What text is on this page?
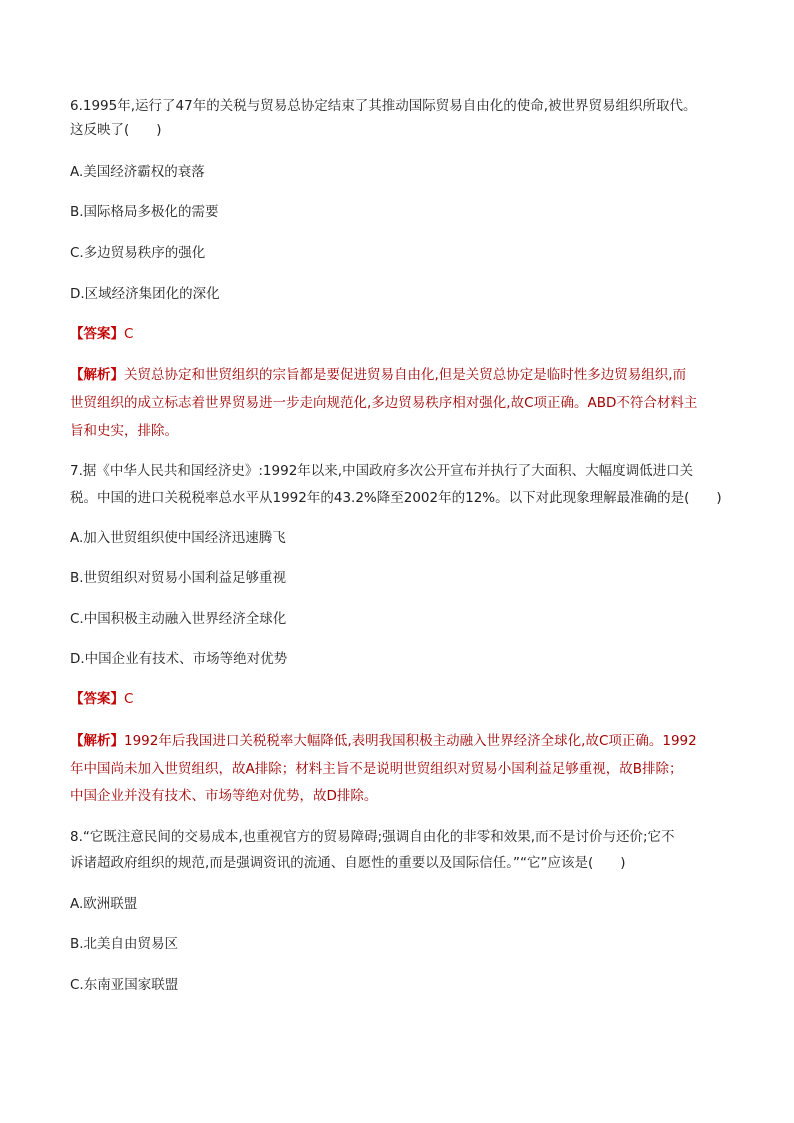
6.1995年,运行了47年的关税与贸易总协定结束了其推动国际贸易自由化的使命,被世界贸易组织所取代。
这反映了(　　)
A.美国经济霸权的衰落
B.国际格局多极化的需要
C.多边贸易秩序的强化
D.区域经济集团化的深化
【答案】C
【解析】关贸总协定和世贸组织的宗旨都是要促进贸易自由化,但是关贸总协定是临时性多边贸易组织,而
世贸组织的成立标志着世界贸易进一步走向规范化,多边贸易秩序相对强化,故C项正确。ABD不符合材料主
旨和史实，排除。
7.据《中华人民共和国经济史》:1992年以来,中国政府多次公开宣布并执行了大面积、大幅度调低进口关
税。中国的进口关税税率总水平从1992年的43.2%降至2002年的12%。以下对此现象理解最准确的是(　　)
A.加入世贸组织使中国经济迅速腾飞
B.世贸组织对贸易小国利益足够重视
C.中国积极主动融入世界经济全球化
D.中国企业有技术、市场等绝对优势
【答案】C
【解析】1992年后我国进口关税税率大幅降低,表明我国积极主动融入世界经济全球化,故C项正确。1992
年中国尚未加入世贸组织，故A排除；材料主旨不是说明世贸组织对贸易小国利益足够重视，故B排除；
中国企业并没有技术、市场等绝对优势，故D排除。
8.“它既注意民间的交易成本,也重视官方的贸易障碍;强调自由化的非零和效果,而不是讨价与还价;它不
诉诸超政府组织的规范,而是强调资讯的流通、自愿性的重要以及国际信任。”“它”应该是(　　)
A.欧洲联盟
B.北美自由贸易区
C.东南亚国家联盟
